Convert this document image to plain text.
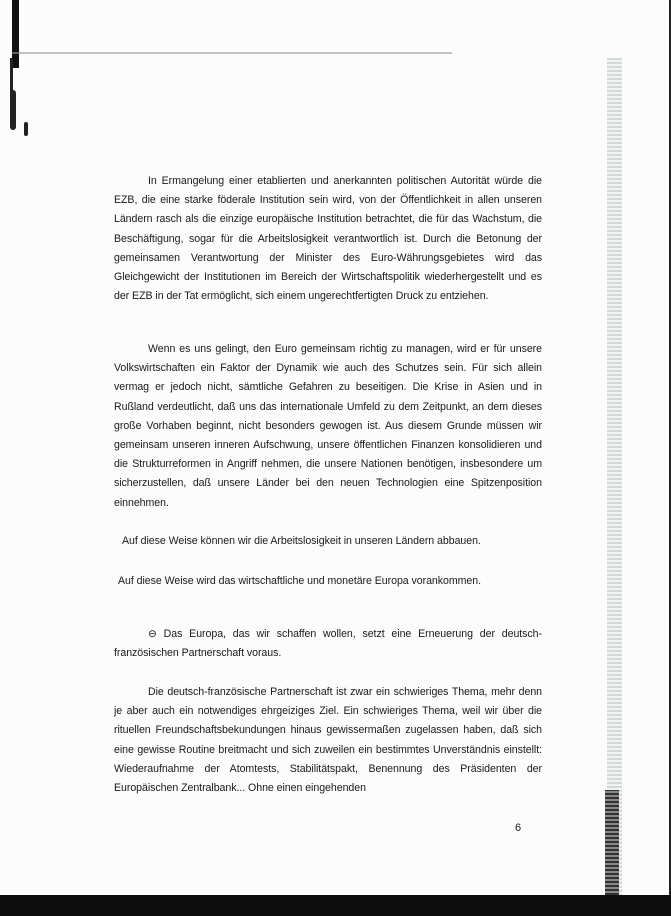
In Ermangelung einer etablierten und anerkannten politischen Autorität würde die EZB, die eine starke föderale Institution sein wird, von der Öffentlichkeit in allen unseren Ländern rasch als die einzige europäische Institution betrachtet, die für das Wachstum, die Beschäftigung, sogar für die Arbeitslosigkeit verantwortlich ist. Durch die Betonung der gemeinsamen Verantwortung der Minister des Euro-Währungsgebietes wird das Gleichgewicht der Institutionen im Bereich der Wirtschaftspolitik wiederhergestellt und es der EZB in der Tat ermöglicht, sich einem ungerechtfertigten Druck zu entziehen.

Wenn es uns gelingt, den Euro gemeinsam richtig zu managen, wird er für unsere Volkswirtschaften ein Faktor der Dynamik wie auch des Schutzes sein. Für sich allein vermag er jedoch nicht, sämtliche Gefahren zu beseitigen. Die Krise in Asien und in Rußland verdeutlicht, daß uns das internationale Umfeld zu dem Zeitpunkt, an dem dieses große Vorhaben beginnt, nicht besonders gewogen ist. Aus diesem Grunde müssen wir gemeinsam unseren inneren Aufschwung, unsere öffentlichen Finanzen konsolidieren und die Strukturreformen in Angriff nehmen, die unsere Nationen benötigen, insbesondere um sicherzustellen, daß unsere Länder bei den neuen Technologien eine Spitzenposition einnehmen.

Auf diese Weise können wir die Arbeitslosigkeit in unseren Ländern abbauen.

Auf diese Weise wird das wirtschaftliche und monetäre Europa vorankommen.

⊖ Das Europa, das wir schaffen wollen, setzt eine Erneuerung der deutsch-französischen Partnerschaft voraus.

Die deutsch-französische Partnerschaft ist zwar ein schwieriges Thema, mehr denn je aber auch ein notwendiges ehrgeiziges Ziel. Ein schwieriges Thema, weil wir über die rituellen Freundschaftsbekundungen hinaus gewissermaßen zugelassen haben, daß sich eine gewisse Routine breitmacht und sich zuweilen ein bestimmtes Unverständnis einstellt: Wiederaufnahme der Atomtests, Stabilitätspakt, Benennung des Präsidenten der Europäischen Zentralbank... Ohne einen eingehenden

6
